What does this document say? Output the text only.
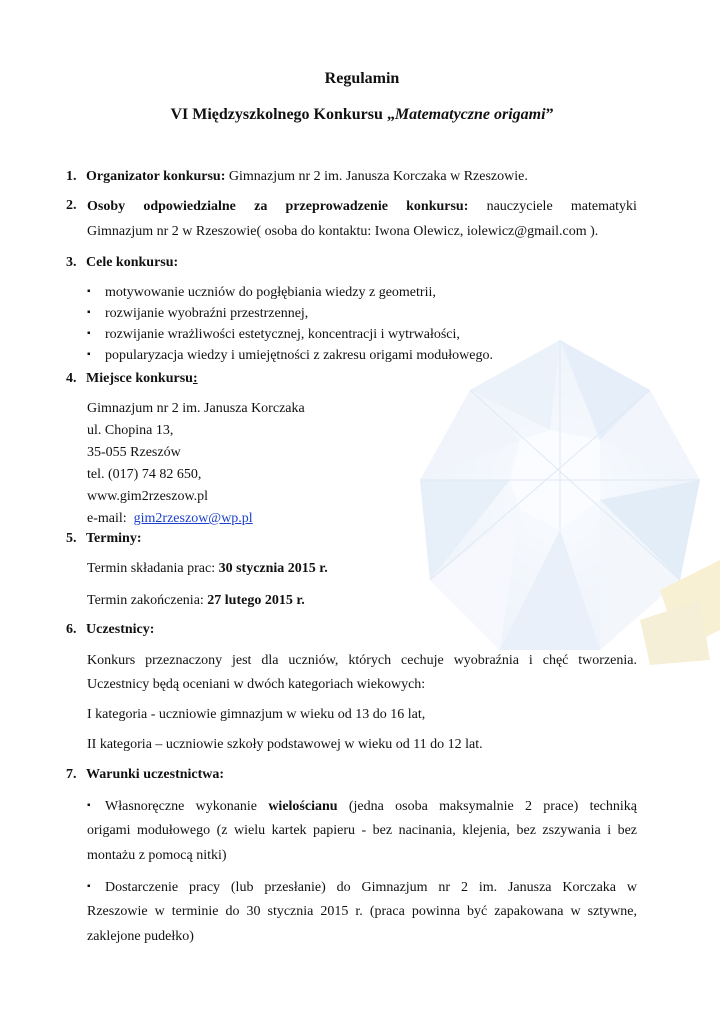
Regulamin
VI Międzyszkolnego Konkursu „Matematyczne origami”
1. Organizator konkursu: Gimnazjum nr 2 im. Janusza Korczaka w Rzeszowie.
2. Osoby odpowiedzialne za przeprowadzenie konkursu: nauczyciele matematyki
Gimnazjum nr 2 w Rzeszowie( osoba do kontaktu: Iwona Olewicz, iolewicz@gmail.com ).
3. Cele konkursu:
▪ motywowanie uczniów do pogłębiania wiedzy z geometrii,
▪ rozwijanie wyobraźni przestrzennej,
▪ rozwijanie wrażliwości estetycznej, koncentracji i wytrwałości,
▪ popularyzacja wiedzy i umiejętności z zakresu origami modułowego.
4. Miejsce konkursu:
Gimnazjum nr 2 im. Janusza Korczaka
ul. Chopina 13,
35-055 Rzeszów
tel. (017) 74 82 650,
www.gim2rzeszow.pl
e-mail:  gim2rzeszow@wp.pl
5. Terminy:
Termin składania prac: 30 stycznia 2015 r.
Termin zakończenia: 27 lutego 2015 r.
6. Uczestnicy:
Konkurs przeznaczony jest dla uczniów, których cechuje wyobraźnia i chęć tworzenia.
Uczestnicy będą oceniani w dwóch kategoriach wiekowych:
I kategoria - uczniowie gimnazjum w wieku od 13 do 16 lat,
II kategoria – uczniowie szkoły podstawowej w wieku od 11 do 12 lat.
7. Warunki uczestnictwa:
▪ Własnoręczne wykonanie wielościanu (jedna osoba maksymalnie 2 prace) techniką
origami modułowego (z wielu kartek papieru - bez nacinania, klejenia, bez zszywania i bez
montażu z pomocą nitki)
▪ Dostarczenie pracy (lub przesłanie) do Gimnazjum nr 2 im. Janusza Korczaka w
Rzeszowie w terminie do 30 stycznia 2015 r. (praca powinna być zapakowana w sztywne,
zaklejone pudełko)
